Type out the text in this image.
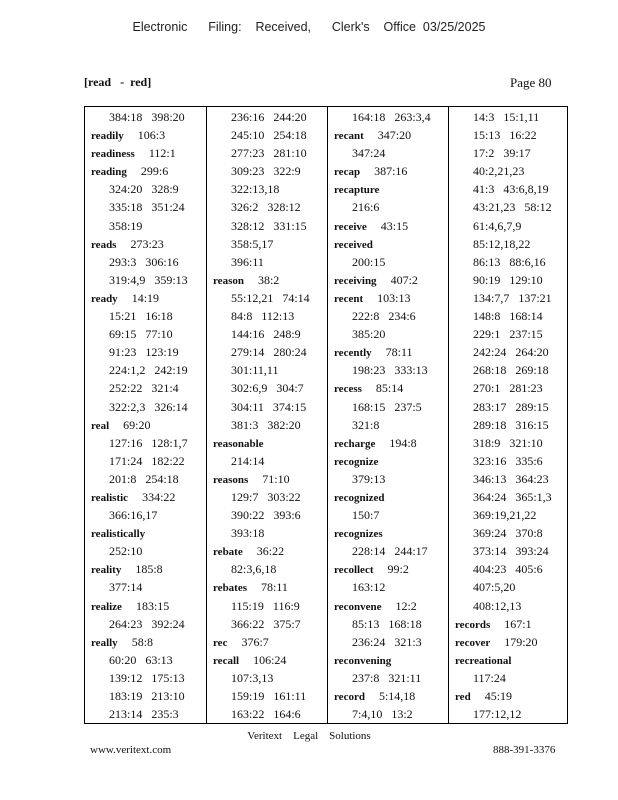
Electronic      Filing:    Received,      Clerk's    Office  03/25/2025
[read   -  red]	Page 80
384:18   398:20
readily 106:3
readiness 112:1
reading 299:6
324:20   328:9
335:18   351:24
358:19
reads 273:23
293:3   306:16
319:4,9   359:13
ready 14:19
15:21   16:18
69:15   77:10
91:23   123:19
224:1,2   242:19
252:22   321:4
322:2,3   326:14
real 69:20
127:16   128:1,7
171:24   182:22
201:8   254:18
realistic 334:22
366:16,17
realistically
252:10
reality 185:8
377:14
realize 183:15
264:23   392:24
really 58:8
60:20   63:13
139:12   175:13
183:19   213:10
213:14   235:3
236:16   244:20
245:10   254:18
277:23   281:10
309:23   322:9
322:13,18
326:2   328:12
328:12   331:15
358:5,17
396:11
reason 38:2
55:12,21   74:14
84:8   112:13
144:16   248:9
279:14   280:24
301:11,11
302:6,9   304:7
304:11   374:15
381:3   382:20
reasonable
214:14
reasons 71:10
129:7   303:22
390:22   393:6
393:18
rebate 36:22
82:3,6,18
rebates 78:11
115:19   116:9
366:22   375:7
rec 376:7
recall 106:24
107:3,13
159:19   161:11
163:22   164:6
164:18   263:3,4
recant 347:20
347:24
recap 387:16
recapture
216:6
receive 43:15
received
200:15
receiving 407:2
recent 103:13
222:8   234:6
385:20
recently 78:11
198:23   333:13
recess 85:14
168:15   237:5
321:8
recharge 194:8
recognize
379:13
recognized
150:7
recognizes
228:14   244:17
recollect 99:2
163:12
reconvene 12:2
85:13   168:18
236:24   321:3
reconvening
237:8   321:11
record 5:14,18
7:4,10   13:2
14:3   15:1,11
15:13   16:22
17:2   39:17
40:2,21,23
41:3   43:6,8,19
43:21,23   58:12
61:4,6,7,9
85:12,18,22
86:13   88:6,16
90:19   129:10
134:7,7   137:21
148:8   168:14
229:1   237:15
242:24   264:20
268:18   269:18
270:1   281:23
283:17   289:15
289:18   316:15
318:9   321:10
323:16   335:6
346:13   364:23
364:24   365:1,3
369:19,21,22
369:24   370:8
373:14   393:24
404:23   405:6
407:5,20
408:12,13
records 167:1
recover 179:20
recreational
117:24
red 45:19
177:12,12
Veritext    Legal    Solutions
www.veritext.com	888-391-3376
